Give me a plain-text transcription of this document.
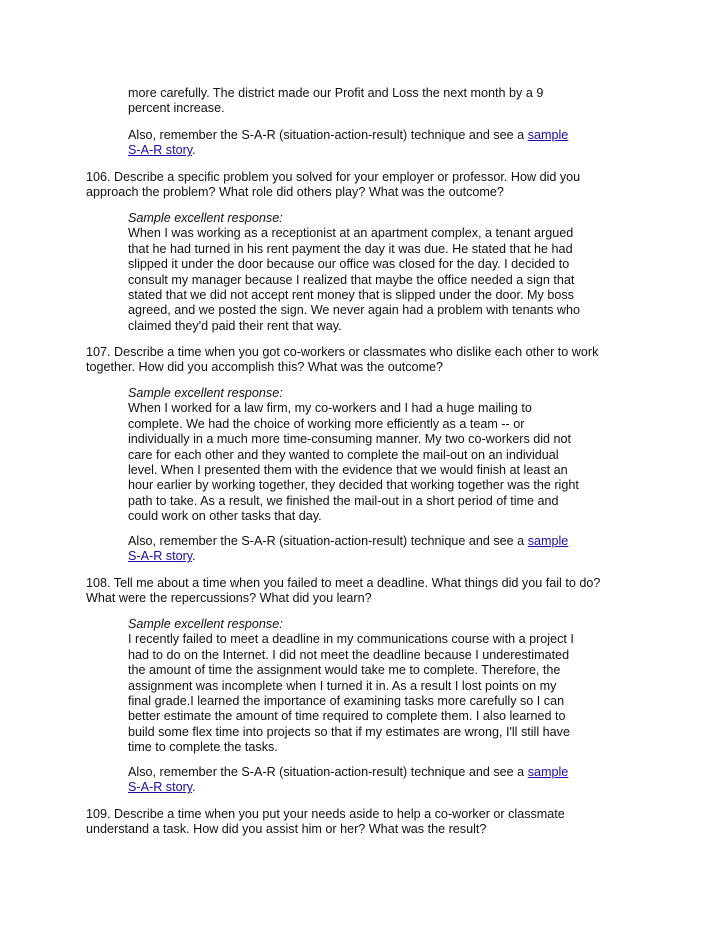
more carefully. The district made our Profit and Loss the next month by a 9

percent increase.

Also, remember the S-A-R (situation-action-result) technique and see a sample

S-A-R story.

106. Describe a specific problem you solved for your employer or professor. How did you

approach the problem? What role did others play? What was the outcome?

Sample excellent response:

When I was working as a receptionist at an apartment complex, a tenant argued

that he had turned in his rent payment the day it was due. He stated that he had

slipped it under the door because our office was closed for the day. I decided to

consult my manager because I realized that maybe the office needed a sign that

stated that we did not accept rent money that is slipped under the door. My boss

agreed, and we posted the sign. We never again had a problem with tenants who

claimed they'd paid their rent that way.

107. Describe a time when you got co-workers or classmates who dislike each other to work

together. How did you accomplish this? What was the outcome?

Sample excellent response:

When I worked for a law firm, my co-workers and I had a huge mailing to

complete. We had the choice of working more efficiently as a team -- or

individually in a much more time-consuming manner. My two co-workers did not

care for each other and they wanted to complete the mail-out on an individual

level. When I presented them with the evidence that we would finish at least an

hour earlier by working together, they decided that working together was the right

path to take. As a result, we finished the mail-out in a short period of time and

could work on other tasks that day.

Also, remember the S-A-R (situation-action-result) technique and see a sample

S-A-R story.

108. Tell me about a time when you failed to meet a deadline. What things did you fail to do?

What were the repercussions? What did you learn?

Sample excellent response:

I recently failed to meet a deadline in my communications course with a project I

had to do on the Internet. I did not meet the deadline because I underestimated

the amount of time the assignment would take me to complete. Therefore, the

assignment was incomplete when I turned it in. As a result I lost points on my

final grade.I learned the importance of examining tasks more carefully so I can

better estimate the amount of time required to complete them. I also learned to

build some flex time into projects so that if my estimates are wrong, I'll still have

time to complete the tasks.

Also, remember the S-A-R (situation-action-result) technique and see a sample

S-A-R story.

109. Describe a time when you put your needs aside to help a co-worker or classmate

understand a task. How did you assist him or her? What was the result?
